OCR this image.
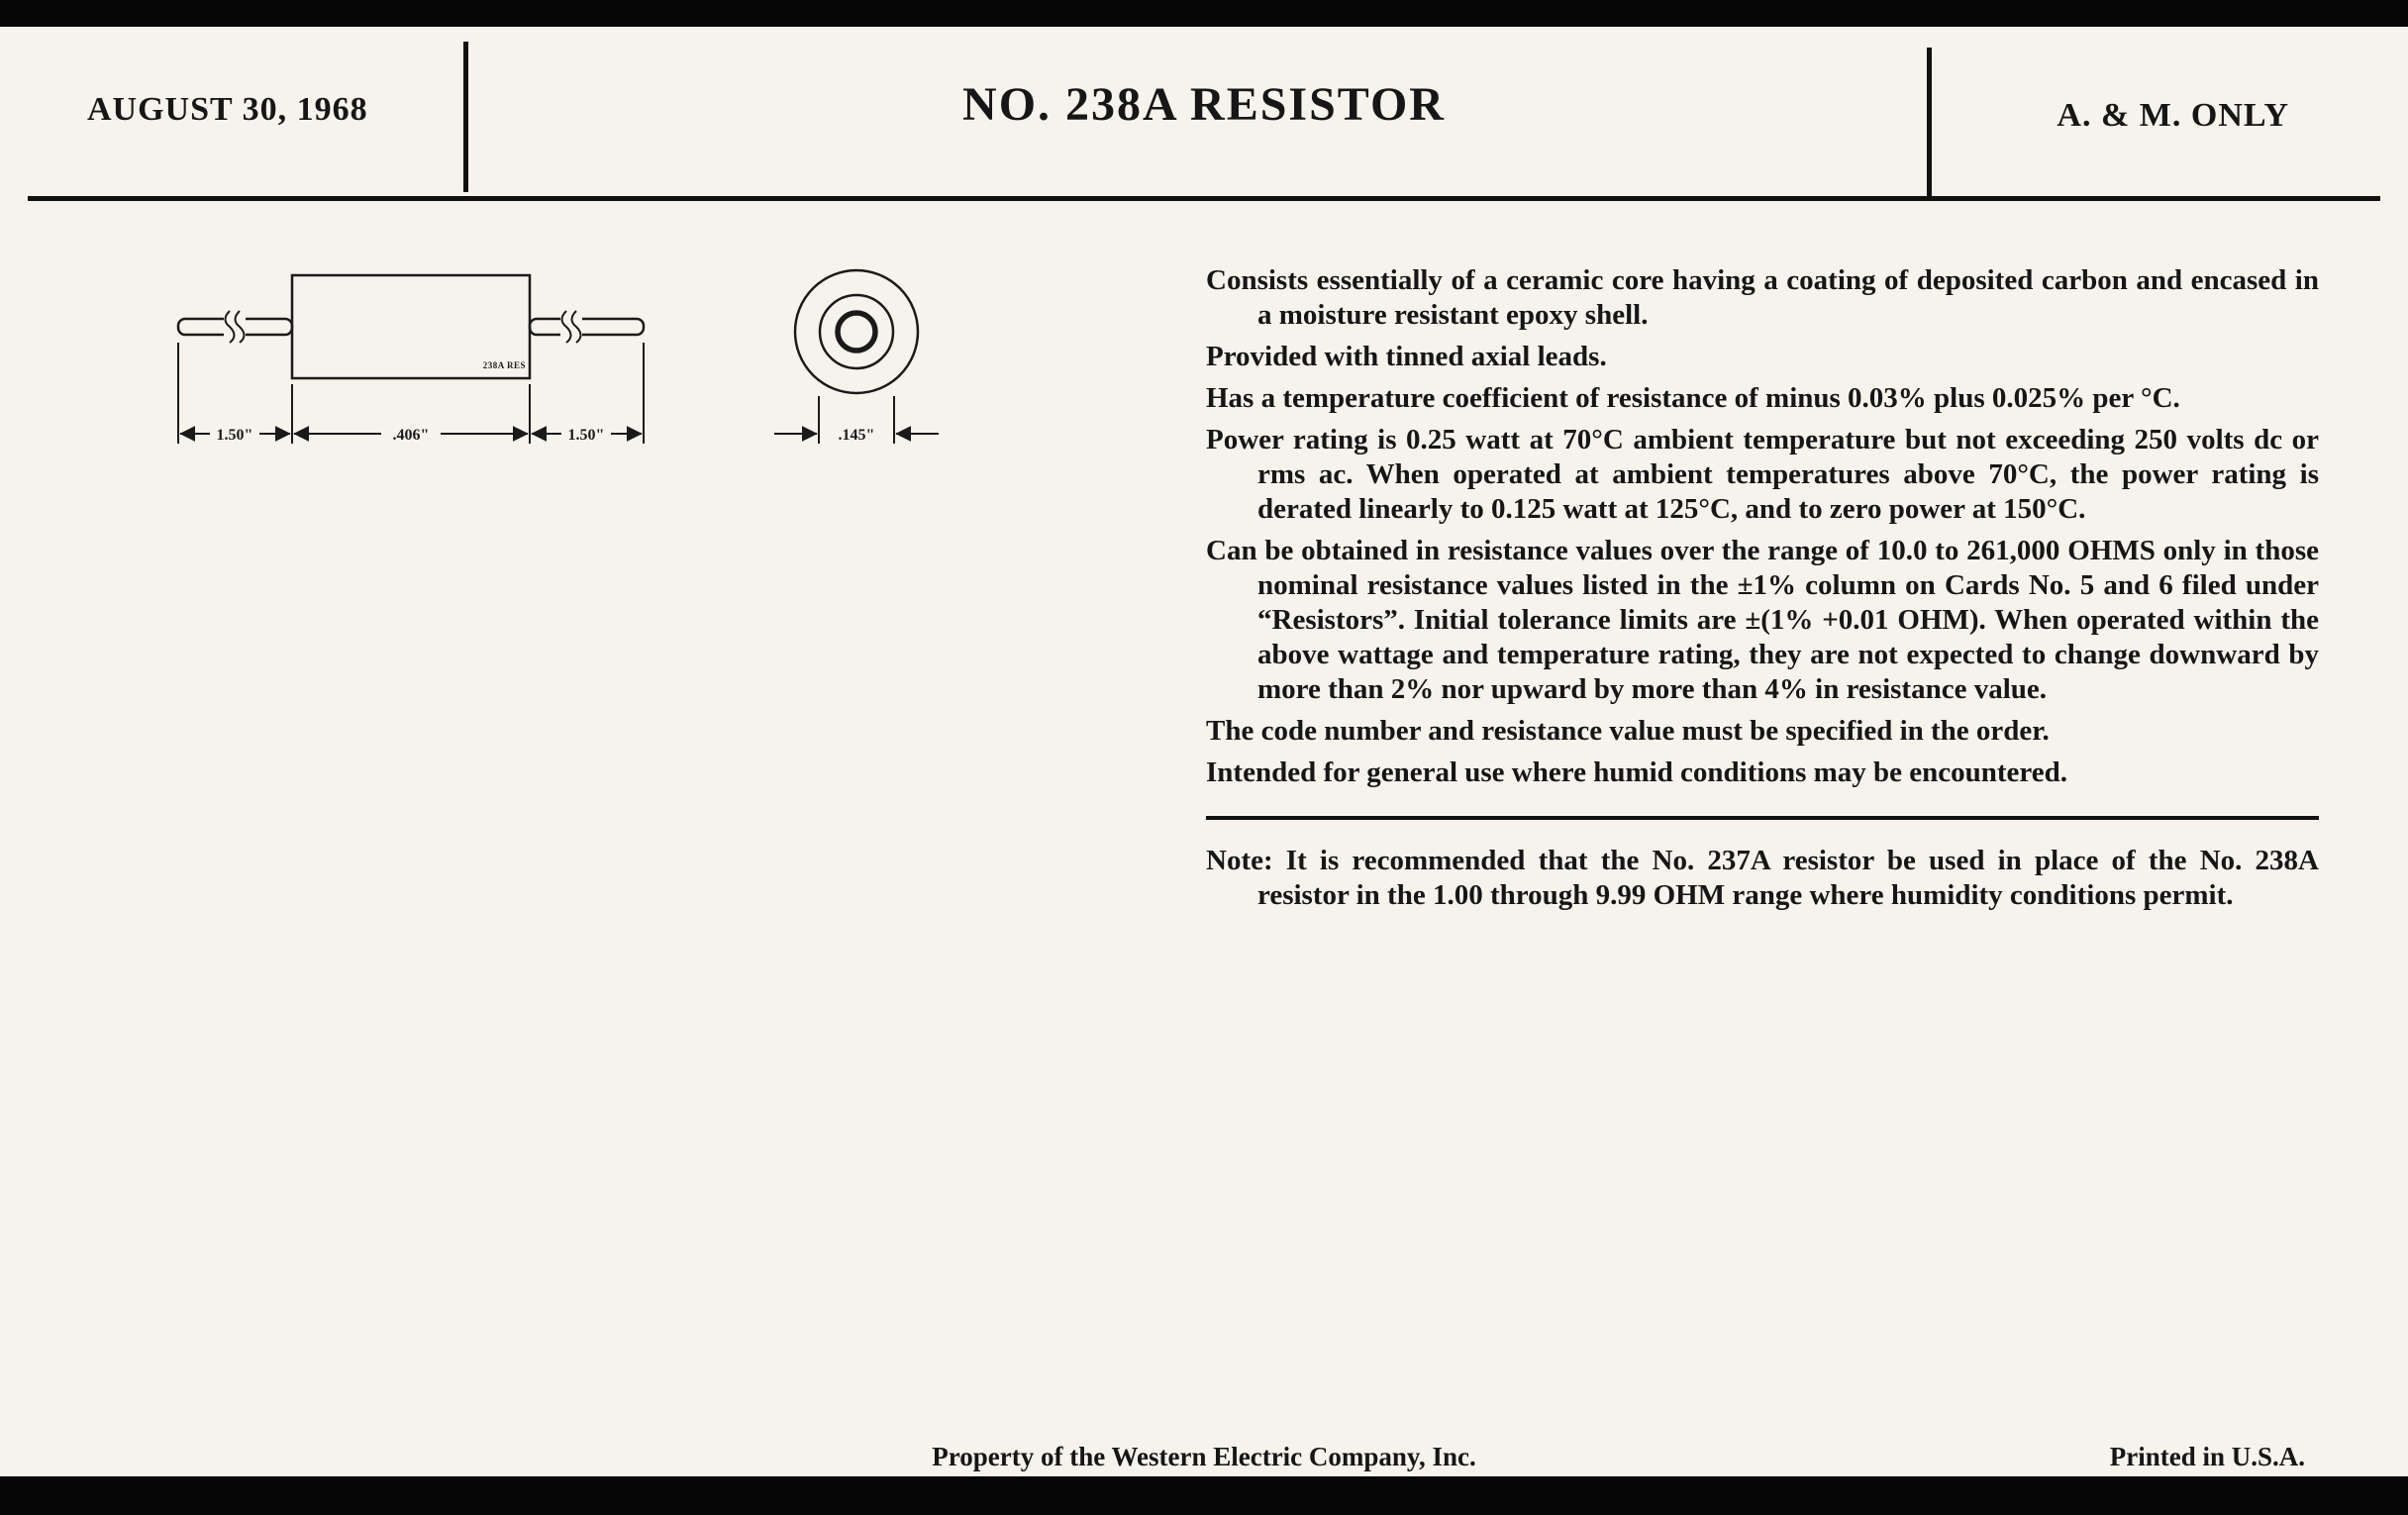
AUGUST 30, 1968	NO. 238A RESISTOR	A. & M. ONLY
238A RES
1.50"	.406"	1.50"	.145"

Consists essentially of a ceramic core having a coating of deposited carbon and encased in a moisture resistant epoxy shell.

Provided with tinned axial leads.

Has a temperature coefficient of resistance of minus 0.03% plus 0.025% per °C.

Power rating is 0.25 watt at 70°C ambient temperature but not exceeding 250 volts dc or rms ac. When operated at ambient temperatures above 70°C, the power rating is derated linearly to 0.125 watt at 125°C, and to zero power at 150°C.

Can be obtained in resistance values over the range of 10.0 to 261,000 OHMS only in those nominal resistance values listed in the ±1% column on Cards No. 5 and 6 filed under “Resistors”. Initial tolerance limits are ±(1% +0.01 OHM). When operated within the above wattage and temperature rating, they are not expected to change downward by more than 2% nor upward by more than 4% in resistance value.

The code number and resistance value must be specified in the order.

Intended for general use where humid conditions may be encountered.

Note: It is recommended that the No. 237A resistor be used in place of the No. 238A resistor in the 1.00 through 9.99 OHM range where humidity conditions permit.

Property of the Western Electric Company, Inc.	Printed in U.S.A.
